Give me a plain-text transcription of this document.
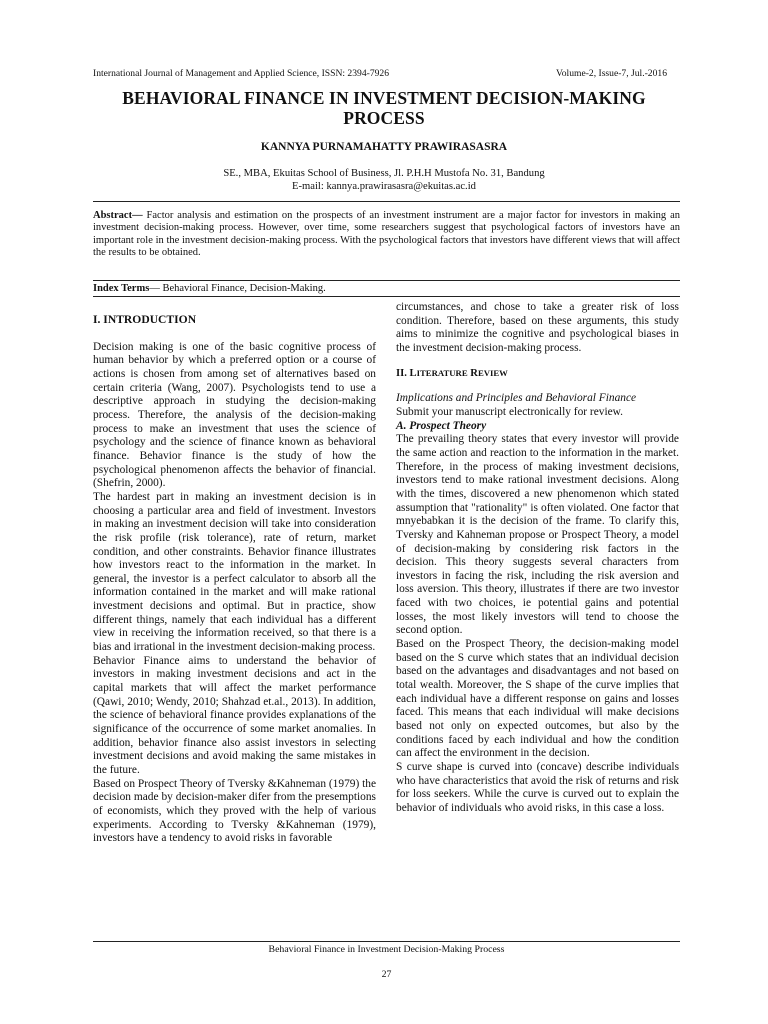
International Journal of Management and Applied Science, ISSN: 2394-7926	Volume-2, Issue-7, Jul.-2016
BEHAVIORAL FINANCE IN INVESTMENT DECISION-MAKING
PROCESS
KANNYA PURNAMAHATTY PRAWIRASASRA
SE., MBA, Ekuitas School of Business, Jl. P.H.H Mustofa No. 31, Bandung
E-mail: kannya.prawirasasra@ekuitas.ac.id
Abstract— Factor analysis and estimation on the prospects of an investment instrument are a major factor for investors in making an investment decision-making process. However, over time, some researchers suggest that psychological factors of investors have an important role in the investment decision-making process. With the psychological factors that investors have different views that will affect the results to be obtained.
Index Terms— Behavioral Finance, Decision-Making.

I. INTRODUCTION

Decision making is one of the basic cognitive process of human behavior by which a preferred option or a course of actions is chosen from among set of alternatives based on certain criteria (Wang, 2007). Psychologists tend to use a descriptive approach in studying the decision-making process. Therefore, the analysis of the decision-making process to make an investment that uses the science of psychology and the science of finance known as behavioral finance. Behavior finance is the study of how the psychological phenomenon affects the behavior of financial. (Shefrin, 2000).

The hardest part in making an investment decision is in choosing a particular area and field of investment. Investors in making an investment decision will take into consideration the risk profile (risk tolerance), rate of return, market condition, and other constraints. Behavior finance illustrates how investors react to the information in the market. In general, the investor is a perfect calculator to absorb all the information contained in the market and will make rational investment decisions and optimal. But in practice, show different things, namely that each individual has a different view in receiving the information received, so that there is a bias and irrational in the investment decision-making process.

Behavior Finance aims to understand the behavior of investors in making investment decisions and act in the capital markets that will affect the market performance (Qawi, 2010; Wendy, 2010; Shahzad et.al., 2013). In addition, the science of behavioral finance provides explanations of the significance of the occurrence of some market anomalies. In addition, behavior finance also assist investors in selecting investment decisions and avoid making the same mistakes in the future.

Based on Prospect Theory of Tversky &Kahneman (1979) the decision made by decision-maker difer from the presemptions of economists, which they proved with the help of various experiments. According to Tversky &Kahneman (1979), investors have a tendency to avoid risks in favorable

circumstances, and chose to take a greater risk of loss condition. Therefore, based on these arguments, this study aims to minimize the cognitive and psychological biases in the investment decision-making process.

II. LITERATURE REVIEW

Implications and Principles and Behavioral Finance

Submit your manuscript electronically for review.

A. Prospect Theory

The prevailing theory states that every investor will provide the same action and reaction to the information in the market. Therefore, in the process of making investment decisions, investors tend to make rational investment decisions. Along with the times, discovered a new phenomenon which stated assumption that "rationality" is often violated. One factor that mnyebabkan it is the decision of the frame. To clarify this, Tversky and Kahneman propose or Prospect Theory, a model of decision-making by considering risk factors in the decision. This theory suggests several characters from investors in facing the risk, including the risk aversion and loss aversion. This theory, illustrates if there are two investor faced with two choices, ie potential gains and potential losses, the most likely investors will tend to choose the second option.

Based on the Prospect Theory, the decision-making model based on the S curve which states that an individual decision based on the advantages and disadvantages and not based on total wealth. Moreover, the S shape of the curve implies that each individual have a different response on gains and losses faced. This means that each individual will make decisions based not only on expected outcomes, but also by the conditions faced by each individual and how the condition can affect the environment in the decision.

S curve shape is curved into (concave) describe individuals who have characteristics that avoid the risk of returns and risk for loss seekers. While the curve is curved out to explain the behavior of individuals who avoid risks, in this case a loss.

Behavioral Finance in Investment Decision-Making Process
27
